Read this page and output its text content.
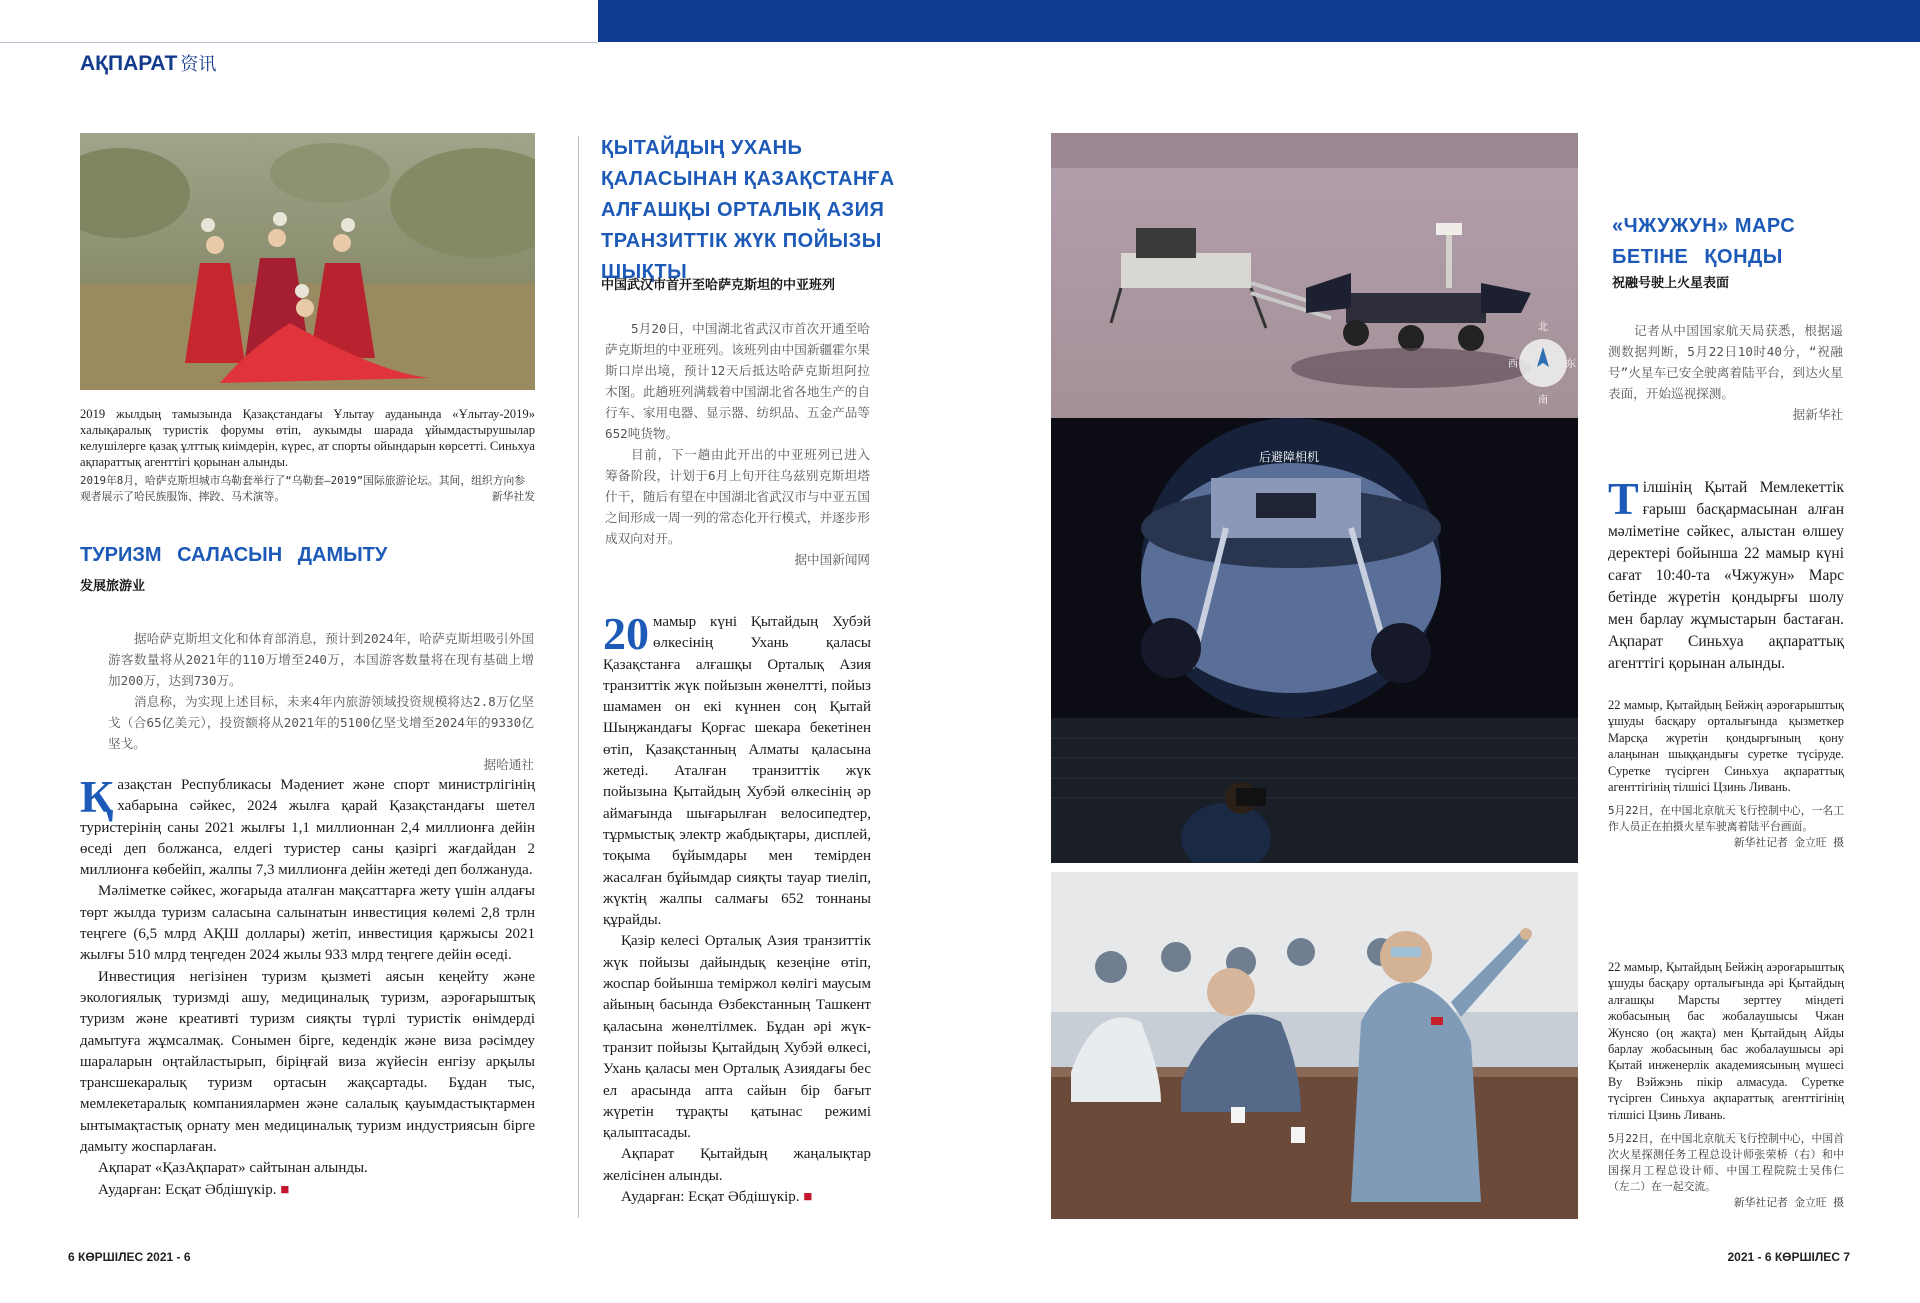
АҚПАРАТ 资讯
2019 жылдың тамызында Қазақстандағы Ұлытау ауданында «Ұлытау-2019» халықаралық туристік форумы өтіп, аукымды шарада ұйымдастырушылар келушілерге қазақ ұлттық киімдерін, күрес, ат спорты ойындарын көрсетті. Синьхуа ақпараттық агенттігі қорынан алынды.
2019年8月，哈萨克斯坦城市乌勒套举行了“乌勒套—2019”国际旅游论坛。其间，组织方向参观者展示了哈民族服饰、摔跤、马术演等。	新华社发
ТУРИЗМ САЛАСЫН ДАМЫТУ
发展旅游业
据哈萨克斯坦文化和体育部消息，预计到2024年，哈萨克斯坦吸引外国游客数量将从2021年的110万增至240万，本国游客数量将在现有基础上增加200万，达到730万。
消息称，为实现上述目标，未来4年内旅游领域投资规模将达2.8万亿坚戈（合65亿美元），投资额将从2021年的5100亿坚戈增至2024年的9330亿坚戈。
据哈通社

Қазақстан Республикасы Мәдениет және спорт министрлігінің хабарына сәйкес, 2024 жылға қарай Қазақстандағы шетел туристерінің саны 2021 жылғы 1,1 миллионнан 2,4 миллионға дейін өседі деп болжанса, елдегі туристер саны қазіргі жағдайдан 2 миллионға көбейіп, жалпы 7,3 миллионға дейін жетеді деп болжануда.

Мәліметке сәйкес, жоғарыда аталған мақсаттарға жету үшін алдағы төрт жылда туризм саласына салынатын инвестиция көлемі 2,8 трлн теңгеге (6,5 млрд АҚШ доллары) жетіп, инвестиция қаржысы 2021 жылғы 510 млрд теңгеден 2024 жылы 933 млрд теңгеге дейін өседі.

Инвестиция негізінен туризм қызметі аясын кеңейту және экологиялық туризмді ашу, медициналық туризм, аэроғарыштық туризм және креативті туризм сияқты түрлі туристік өнімдерді дамытуға жұмсалмақ. Сонымен бірге, кедендік және виза рәсімдеу шараларын оңтайластырып, біріңғай виза жүйесін енгізу арқылы трансшекаралық туризм ортасын жақсартады. Бұдан тыс, мемлекетаралық компаниялармен және салалық қауымдастықтармен ынтымақтастық орнату мен медициналық туризм индустриясын бірге дамыту жоспарлаған.

Ақпарат «ҚазАқпарат» сайтынан алынды.

Аударған: Есқат Әбдішүкір. ■

ҚЫТАЙДЫҢ УХАНЬ ҚАЛАСЫНАН ҚАЗАҚСТАНҒА АЛҒАШҚЫ ОРТАЛЫҚ АЗИЯ ТРАНЗИТТІК ЖҮК ПОЙЫЗЫ ШЫҚТЫ
中国武汉市首开至哈萨克斯坦的中亚班列
5月20日，中国湖北省武汉市首次开通至哈萨克斯坦的中亚班列。该班列由中国新疆霍尔果斯口岸出境，预计12天后抵达哈萨克斯坦阿拉木图。此趟班列满载着中国湖北省各地生产的自行车、家用电器、显示器、纺织品、五金产品等652吨货物。
目前，下一趟由此开出的中亚班列已进入筹备阶段，计划于6月上旬开往乌兹别克斯坦塔什干，随后有望在中国湖北省武汉市与中亚五国之间形成一周一列的常态化开行模式，并逐步形成双向对开。
据中国新闻网

20 мамыр күні Қытайдың Хубэй өлкесінің Ухань қаласы Қазақстанға алғашқы Орталық Азия транзиттік жүк пойызын жөнелтті, пойыз шамамен он екі күннен соң Қытай Шыңжандағы Қорғас шекара бекетінен өтіп, Қазақстанның Алматы қаласына жетеді. Аталған транзиттік жүк пойызына Қытайдың Хубэй өлкесінің әр аймағында шығарылған велосипедтер, тұрмыстық электр жабдықтары, дисплей, тоқыма бұйымдары мен темірден жасалған бұйымдар сияқты тауар тиеліп, жүктің жалпы салмағы 652 тоннаны құрайды.

Қазір келесі Орталық Азия транзиттік жүк пойызы дайындық кезеңіне өтіп, жоспар бойынша теміржол көлігі маусым айының басында Өзбекстанның Ташкент қаласына жөнелтілмек. Бұдан әрі жүк-транзит пойызы Қытайдың Хубэй өлкесі, Ухань қаласы мен Орталық Азиядағы бес ел арасында апта сайын бір бағыт жүретін тұрақты қатынас режимі қалыптасады.

Ақпарат Қытайдың жаңалықтар желісінен алынды.

Аударған: Есқат Әбдішүкір. ■

北
西	东
南
后避障相机
«ЧЖУЖУН» МАРС
БЕТІНЕ ҚОНДЫ
祝融号驶上火星表面
记者从中国国家航天局获悉，根据遥测数据判断，5月22日10时40分，“祝融号”火星车已安全驶离着陆平台，到达火星表面，开始巡视探测。
据新华社

Тілшінің Қытай Мемлекеттік ғарыш басқармасынан алған мәліметіне сәйкес, алыстан өлшеу деректері бойынша 22 мамыр күні сағат 10:40-та «Чжужун» Марс бетінде жүретін қондырғы шолу мен барлау жұмыстарын бастаған. Ақпарат Синьхуа ақпараттық агенттігі қорынан алынды.

22 мамыр, Қытайдың Бейжің аэроғарыштық ұшуды басқару орталығында қызметкер Марсқа жүретін қондырғының қону алаңынан шыққандығы суретке түсіруде. Суретке түсірген Синьхуа ақпараттық агенттігінің тілшісі Цзинь Ливань.
5月22日，在中国北京航天飞行控制中心，一名工作人员正在拍摄火星车驶离着陆平台画面。
新华社记者 金立旺 摄
22 мамыр, Қытайдың Бейжің аэроғарыштық ұшуды басқару орталығында әрі Қытайдың алғашқы Марсты зерттеу міндеті жобасының бас жобалаушысы Чжан Жунсяо (оң жақта) мен Қытайдың Айды барлау жобасының бас жобалаушысы әрі Қытай инженерлік академиясының мүшесі Ву Вэйжэнь пікір алмасуда. Суретке түсірген Синьхуа ақпараттық агенттігінің тілшісі Цзинь Ливань.
5月22日，在中国北京航天飞行控制中心，中国首次火星探测任务工程总设计师张荣桥（右）和中国探月工程总设计师、中国工程院院士吴伟仁（左二）在一起交流。
新华社记者 金立旺 摄
6 КӨРШІЛЕС 2021 - 6	2021 - 6 КӨРШІЛЕС 7
